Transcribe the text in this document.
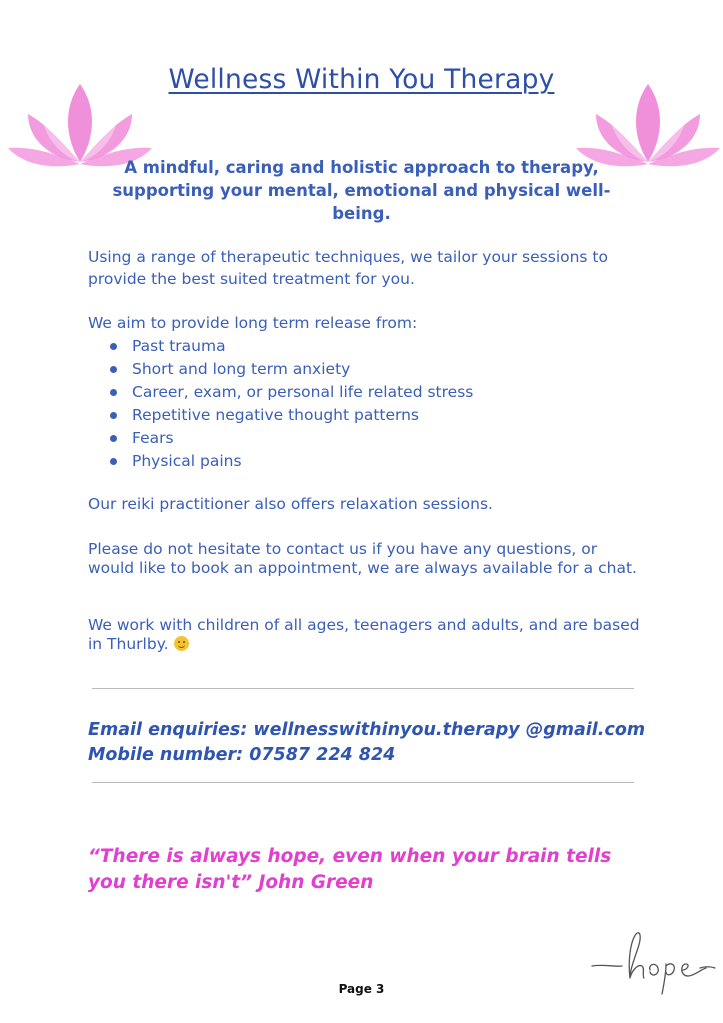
Wellness Within You Therapy
A mindful, caring and holistic approach to therapy, supporting your mental, emotional and physical well-being.

Using a range of therapeutic techniques, we tailor your sessions to provide the best suited treatment for you.

We aim to provide long term release from:

Past trauma
Short and long term anxiety
Career, exam, or personal life related stress
Repetitive negative thought patterns
Fears
Physical pains

Our reiki practitioner also offers relaxation sessions.

Please do not hesitate to contact us if you have any questions, or would like to book an appointment, we are always available for a chat.

We work with children of all ages, teenagers and adults, and are based in Thurlby.

Email enquiries: wellnesswithinyou.therapy @gmail.com
Mobile number: 07587 224 824
“There is always hope, even when your brain tells you there isn't” John Green
Page 3
